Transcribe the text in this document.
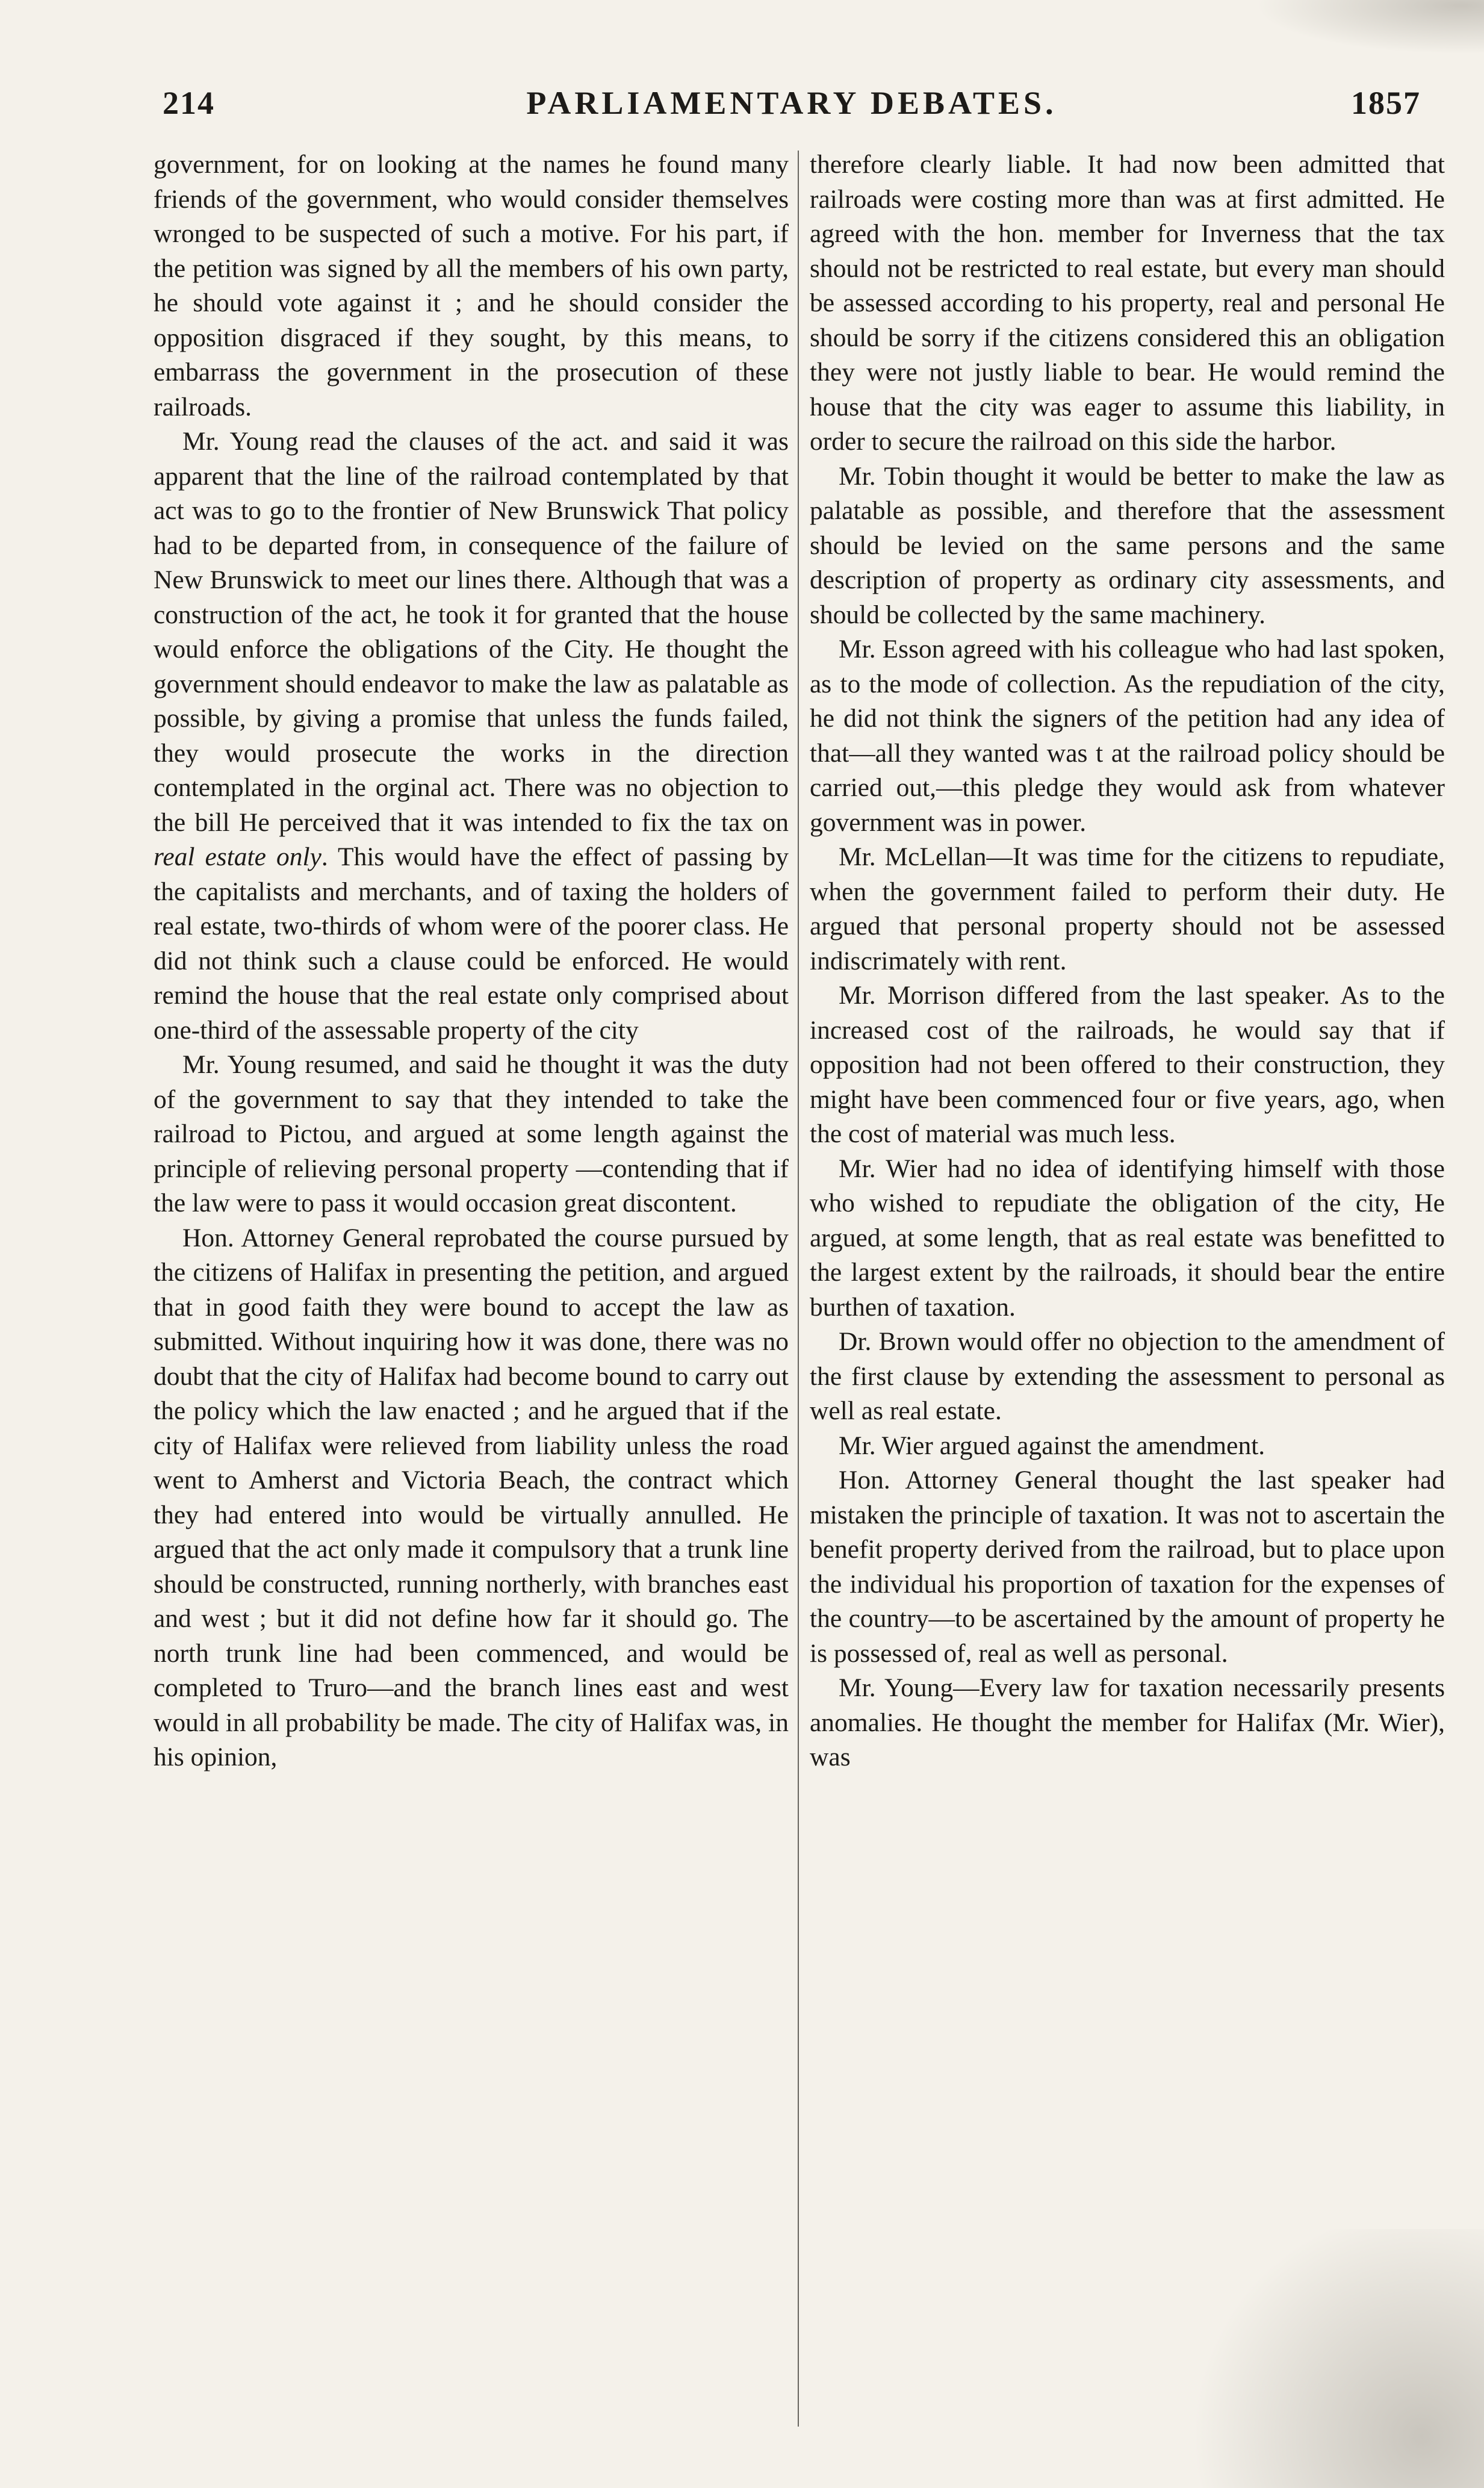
214	PARLIAMENTARY DEBATES.	1857

government, for on looking at the names he found many friends of the government, who would consider themselves wronged to be suspected of such a motive. For his part, if the petition was signed by all the members of his own party, he should vote against it ; and he should consider the opposition disgraced if they sought, by this means, to embarrass the government in the prosecution of these railroads.

Mr. Young read the clauses of the act. and said it was apparent that the line of the railroad contemplated by that act was to go to the frontier of New Brunswick That policy had to be departed from, in consequence of the failure of New Brunswick to meet our lines there. Although that was a construction of the act, he took it for granted that the house would enforce the obligations of the City. He thought the government should endeavor to make the law as palatable as possible, by giving a promise that unless the funds failed, they would prosecute the works in the direction contemplated in the orginal act. There was no objection to the bill He perceived that it was intended to fix the tax on real estate only. This would have the effect of passing by the capitalists and merchants, and of taxing the holders of real estate, two-thirds of whom were of the poorer class. He did not think such a clause could be enforced. He would remind the house that the real estate only comprised about one-third of the assessable property of the city

Mr. Young resumed, and said he thought it was the duty of the government to say that they intended to take the railroad to Pictou, and argued at some length against the principle of relieving personal property —contending that if the law were to pass it would occasion great discontent.

Hon. Attorney General reprobated the course pursued by the citizens of Halifax in presenting the petition, and argued that in good faith they were bound to accept the law as submitted. Without inquiring how it was done, there was no doubt that the city of Halifax had become bound to carry out the policy which the law enacted ; and he argued that if the city of Halifax were relieved from liability unless the road went to Amherst and Victoria Beach, the contract which they had entered into would be virtually annulled. He argued that the act only made it compulsory that a trunk line should be constructed, running northerly, with branches east and west ; but it did not define how far it should go. The north trunk line had been commenced, and would be completed to Truro—and the branch lines east and west would in all probability be made. The city of Halifax was, in his opinion,

therefore clearly liable. It had now been admitted that railroads were costing more than was at first admitted. He agreed with the hon. member for Inverness that the tax should not be restricted to real estate, but every man should be assessed according to his property, real and personal He should be sorry if the citizens considered this an obligation they were not justly liable to bear. He would remind the house that the city was eager to assume this liability, in order to secure the railroad on this side the harbor.

Mr. Tobin thought it would be better to make the law as palatable as possible, and therefore that the assessment should be levied on the same persons and the same description of property as ordinary city assessments, and should be collected by the same machinery.

Mr. Esson agreed with his colleague who had last spoken, as to the mode of collection. As the repudiation of the city, he did not think the signers of the petition had any idea of that—all they wanted was t at the railroad policy should be carried out,—this pledge they would ask from whatever government was in power.

Mr. McLellan—It was time for the citizens to repudiate, when the government failed to perform their duty. He argued that personal property should not be assessed indiscrimately with rent.

Mr. Morrison differed from the last speaker. As to the increased cost of the railroads, he would say that if opposition had not been offered to their construction, they might have been commenced four or five years, ago, when the cost of material was much less.

Mr. Wier had no idea of identifying himself with those who wished to repudiate the obligation of the city, He argued, at some length, that as real estate was benefitted to the largest extent by the railroads, it should bear the entire burthen of taxation.

Dr. Brown would offer no objection to the amendment of the first clause by extending the assessment to personal as well as real estate.

Mr. Wier argued against the amendment.

Hon. Attorney General thought the last speaker had mistaken the principle of taxation. It was not to ascertain the benefit property derived from the railroad, but to place upon the individual his proportion of taxation for the expenses of the country—to be ascertained by the amount of property he is possessed of, real as well as personal.

Mr. Young—Every law for taxation necessarily presents anomalies. He thought the member for Halifax (Mr. Wier), was
